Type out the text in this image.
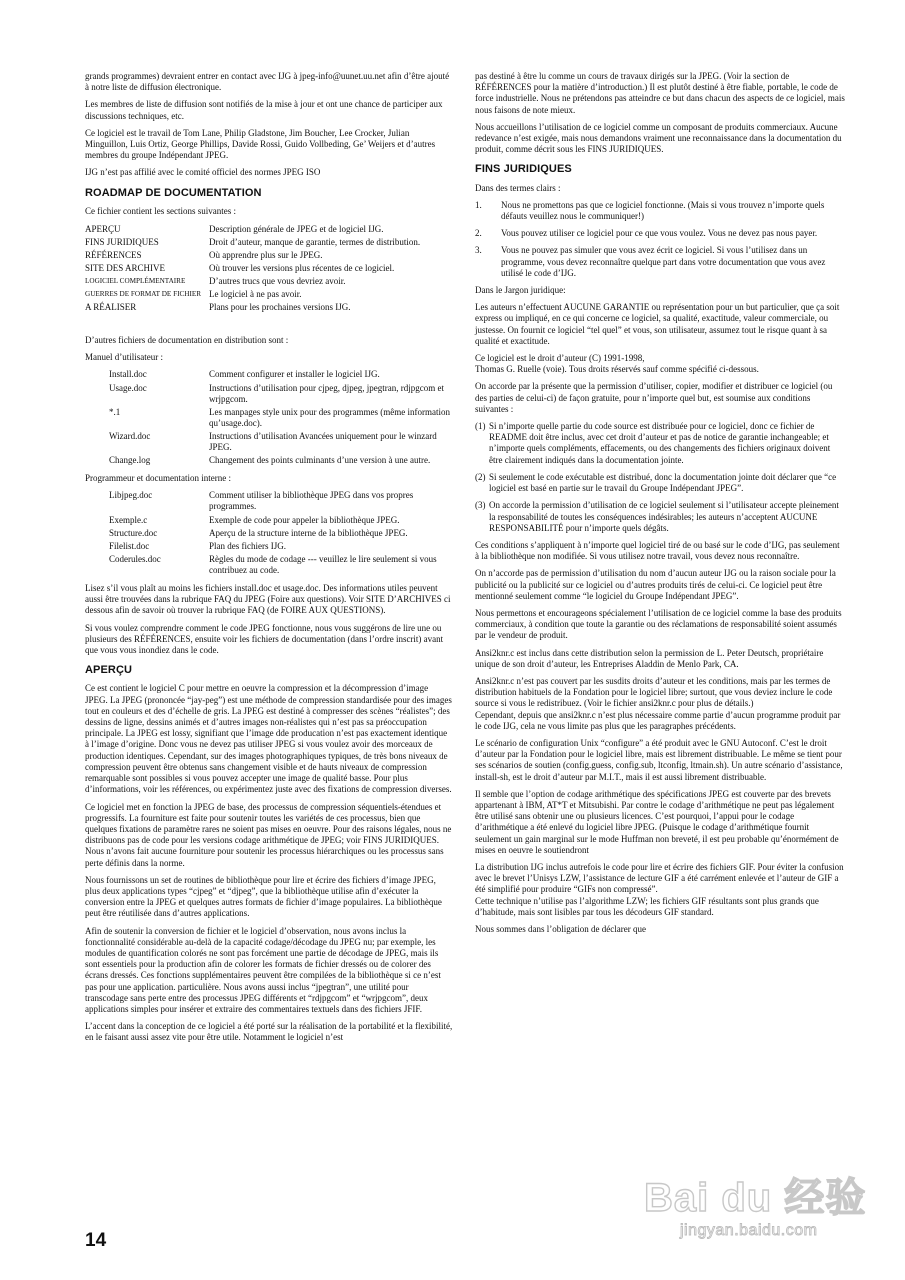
grands programmes) devraient entrer en contact avec IJG à jpeg-info@uunet.uu.net afin d’être ajouté à notre liste de diffusion électronique.

Les membres de liste de diffusion sont notifiés de la mise à jour et ont une chance de participer aux discussions techniques, etc.

Ce logiciel est le travail de Tom Lane, Philip Gladstone, Jim Boucher, Lee Crocker, Julian Minguillon, Luis Ortiz, George Phillips, Davide Rossi, Guido Vollbeding, Ge’ Weijers et d’autres membres du groupe Indépendant JPEG.

IJG n’est pas affilié avec le comité officiel des normes JPEG ISO

ROADMAP DE DOCUMENTATION

Ce fichier contient les sections suivantes :

APERÇU	Description générale de JPEG et de logiciel IJG.
FINS JURIDIQUES	Droit d’auteur, manque de garantie, termes de distribution.
RÉFÉRENCES	Où apprendre plus sur le JPEG.
SITE DES ARCHIVE	Où trouver les versions plus récentes de ce logiciel.
LOGICIEL COMPLÉMENTAIRE	D’autres trucs que vous devriez avoir.
GUERRES DE FORMAT DE FICHIER	Le logiciel à ne pas avoir.
A RÉALISER	Plans pour les prochaines versions IJG.

D’autres fichiers de documentation en distribution sont :

Manuel d’utilisateur :

Install.doc	Comment configurer et installer le logiciel IJG.
Usage.doc	Instructions d’utilisation pour cjpeg, djpeg, jpegtran, rdjpgcom et wrjpgcom.
*.1	Les manpages style unix pour des programmes (même information qu’usage.doc).
Wizard.doc	Instructions d’utilisation Avancées uniquement pour le winzard JPEG.
Change.log	Changement des points culminants d’une version à une autre.

Programmeur et documentation interne :

Libjpeg.doc	Comment utiliser la bibliothèque JPEG dans vos propres programmes.
Exemple.c	Exemple de code pour appeler la bibliothèque JPEG.
Structure.doc	Aperçu de la structure interne de la bibliothèque JPEG.
Filelist.doc	Plan des fichiers IJG.
Coderules.doc	Règles du mode de codage --- veuillez le lire seulement si vous contribuez au code.

Lisez s’il vous plaît au moins les fichiers install.doc et usage.doc. Des informations utiles peuvent aussi être trouvées dans la rubrique FAQ du JPEG (Foire aux questions). Voir SITE D’ARCHIVES ci dessous afin de savoir où trouver la rubrique FAQ (de FOIRE AUX QUESTIONS).

Si vous voulez comprendre comment le code JPEG fonctionne, nous vous suggérons de lire une ou plusieurs des RÉFÉRENCES, ensuite voir les fichiers de documentation (dans l’ordre inscrit) avant que vous vous inondiez dans le code.

APERÇU

Ce est contient le logiciel C pour mettre en oeuvre la compression et la décompression d’image JPEG. La JPEG (prononcée “jay-peg”) est une méthode de compression standardisée pour des images tout en couleurs et des d’échelle de gris. La JPEG est destiné à compresser des scènes “réalistes”; des dessins de ligne, dessins animés et d’autres images non-réalistes qui n’est pas sa préoccupation principale. La JPEG est lossy, signifiant que l’image dde producation n’est pas exactement identique à l’image d’origine. Donc vous ne devez pas utiliser JPEG si vous voulez avoir des morceaux de production identiques. Cependant, sur des images photographiques typiques, de très bons niveaux de compression peuvent être obtenus sans changement visible et de hauts niveaux de compression remarquable sont possibles si vous pouvez accepter une image de qualité basse. Pour plus d’informations, voir les références, ou expérimentez juste avec des fixations de compression diverses.

Ce logiciel met en fonction la JPEG de base, des processus de compression séquentiels-étendues et progressifs. La fourniture est faite pour soutenir toutes les variétés de ces processus, bien que quelques fixations de paramètre rares ne soient pas mises en oeuvre. Pour des raisons légales, nous ne distribuons pas de code pour les versions codage arithmétique de JPEG; voir FINS JURIDIQUES. Nous n’avons fait aucune fourniture pour soutenir les processus hiérarchiques ou les processus sans perte définis dans la norme.

Nous fournissons un set de routines de bibliothèque pour lire et écrire des fichiers d’image JPEG, plus deux applications types “cjpeg” et “djpeg”, que la bibliothèque utilise afin d’exécuter la conversion entre la JPEG et quelques autres formats de fichier d’image populaires. La bibliothèque peut être réutilisée dans d’autres applications.

Afin de soutenir la conversion de fichier et le logiciel d’observation, nous avons inclus la fonctionnalité considérable au-delà de la capacité codage/décodage du JPEG nu; par exemple, les modules de quantification colorés ne sont pas forcément une partie de décodage de JPEG, mais ils sont essentiels pour la production afin de colorer les formats de fichier dressés ou de colorer des écrans dressés. Ces fonctions supplémentaires peuvent être compilées de la bibliothèque si ce n’est pas pour une application. particulière. Nous avons aussi inclus “jpegtran”, une utilité pour transcodage sans perte entre des processus JPEG différents et “rdjpgcom” et “wrjpgcom”, deux applications simples pour insérer et extraire des commentaires textuels dans des fichiers JFIF.

L’accent dans la conception de ce logiciel a été porté sur la réalisation de la portabilité et la flexibilité, en le faisant aussi assez vite pour être utile. Notamment le logiciel n’est

pas destiné à être lu comme un cours de travaux dirigés sur la JPEG. (Voir la section de RÉFÉRENCES pour la matière d’introduction.) Il est plutôt destiné à être fiable, portable, le code de force industrielle. Nous ne prétendons pas atteindre ce but dans chacun des aspects de ce logiciel, mais nous faisons de note mieux.

Nous accueillons l’utilisation de ce logiciel comme un composant de produits commerciaux. Aucune redevance n’est exigée, mais nous demandons vraiment une reconnaissance dans la documentation du produit, comme décrit sous les FINS JURIDIQUES.

FINS JURIDIQUES

Dans des termes clairs :

1.	Nous ne promettons pas que ce logiciel fonctionne. (Mais si vous trouvez n’importe quels défauts veuillez nous le communiquer!)
2.	Vous pouvez utiliser ce logiciel pour ce que vous voulez. Vous ne devez pas nous payer.
3.	Vous ne pouvez pas simuler que vous avez écrit ce logiciel. Si vous l’utilisez dans un programme, vous devez reconnaître quelque part dans votre documentation que vous avez utilisé le code d’IJG.

Dans le Jargon juridique:

Les auteurs n’effectuent AUCUNE GARANTIE ou représentation pour un but particulier, que ça soit express ou impliqué, en ce qui concerne ce logiciel, sa qualité, exactitude, valeur commerciale, ou justesse. On fournit ce logiciel “tel quel” et vous, son utilisateur, assumez tout le risque quant à sa qualité et exactitude.

Ce logiciel est le droit d’auteur (C) 1991-1998,
Thomas G. Ruelle (voie). Tous droits réservés sauf comme spécifié ci-dessous.

On accorde par la présente que la permission d’utiliser, copier, modifier et distribuer ce logiciel (ou des parties de celui-ci) de façon gratuite, pour n’importe quel but, est soumise aux conditions suivantes :

(1) Si n’importe quelle partie du code source est distribuée pour ce logiciel, donc ce fichier de README doit être inclus, avec cet droit d’auteur et pas de notice de garantie inchangeable; et n’importe quels compléments, effacements, ou des changements des fichiers originaux doivent être clairement indiqués dans la documentation jointe.
(2) Si seulement le code exécutable est distribué, donc la documentation jointe doit déclarer que “ce logiciel est basé en partie sur le travail du Groupe Indépendant JPEG”.
(3) On accorde la permission d’utilisation de ce logiciel seulement si l’utilisateur accepte pleinement la responsabilité de toutes les conséquences indésirables; les auteurs n’acceptent AUCUNE RESPONSABILITÉ pour n’importe quels dégâts.

Ces conditions s’appliquent à n’importe quel logiciel tiré de ou basé sur le code d’IJG, pas seulement à la bibliothèque non modifiée. Si vous utilisez notre travail, vous devez nous reconnaître.

On n’accorde pas de permission d’utilisation du nom d’aucun auteur IJG ou la raison sociale pour la publicité ou la publicité sur ce logiciel ou d’autres produits tirés de celui-ci. Ce logiciel peut être mentionné seulement comme “le logiciel du Groupe Indépendant JPEG”.

Nous permettons et encourageons spécialement l’utilisation de ce logiciel comme la base des produits commerciaux, à condition que toute la garantie ou des réclamations de responsabilité soient assumés par le vendeur de produit.

Ansi2knr.c est inclus dans cette distribution selon la permission de L. Peter Deutsch, propriétaire unique de son droit d’auteur, les Entreprises Aladdin de Menlo Park, CA.

Ansi2knr.c n’est pas couvert par les susdits droits d’auteur et les conditions, mais par les termes de distribution habituels de la Fondation pour le logiciel libre; surtout, que vous deviez inclure le code source si vous le redistribuez. (Voir le fichier ansi2knr.c pour plus de détails.)

Cependant, depuis que ansi2knr.c n’est plus nécessaire comme partie d’aucun programme produit par le code IJG, cela ne vous limite pas plus que les paragraphes précédents.

Le scénario de configuration Unix “configure” a été produit avec le GNU Autoconf. C’est le droit d’auteur par la Fondation pour le logiciel libre, mais est librement distribuable. Le même se tient pour ses scénarios de soutien (config.guess, config.sub, ltconfig, ltmain.sh). Un autre scénario d’assistance, install-sh, est le droit d’auteur par M.I.T., mais il est aussi librement distribuable.

Il semble que l’option de codage arithmétique des spécifications JPEG est couverte par des brevets appartenant à IBM, AT*T et Mitsubishi. Par contre le codage d’arithmétique ne peut pas légalement être utilisé sans obtenir une ou plusieurs licences. C’est pourquoi, l’appui pour le codage d’arithmétique a été enlevé du logiciel libre JPEG. (Puisque le codage d’arithmétique fournit seulement un gain marginal sur le mode Huffman non breveté, il est peu probable qu’énormément de mises en oeuvre le soutiendront

La distribution IJG inclus autrefois le code pour lire et écrire des fichiers GIF. Pour éviter la confusion avec le brevet l’Unisys LZW, l’assistance de lecture GIF a été carrément enlevée et l’auteur de GIF a été simplifié pour produire “GIFs non compressé”.

Cette technique n’utilise pas l’algorithme LZW; les fichiers GIF résultants sont plus grands que d’habitude, mais sont lisibles par tous les décodeurs GIF standard.

Nous sommes dans l’obligation de déclarer que

14
Bai du 经验
jingyan.baidu.com
